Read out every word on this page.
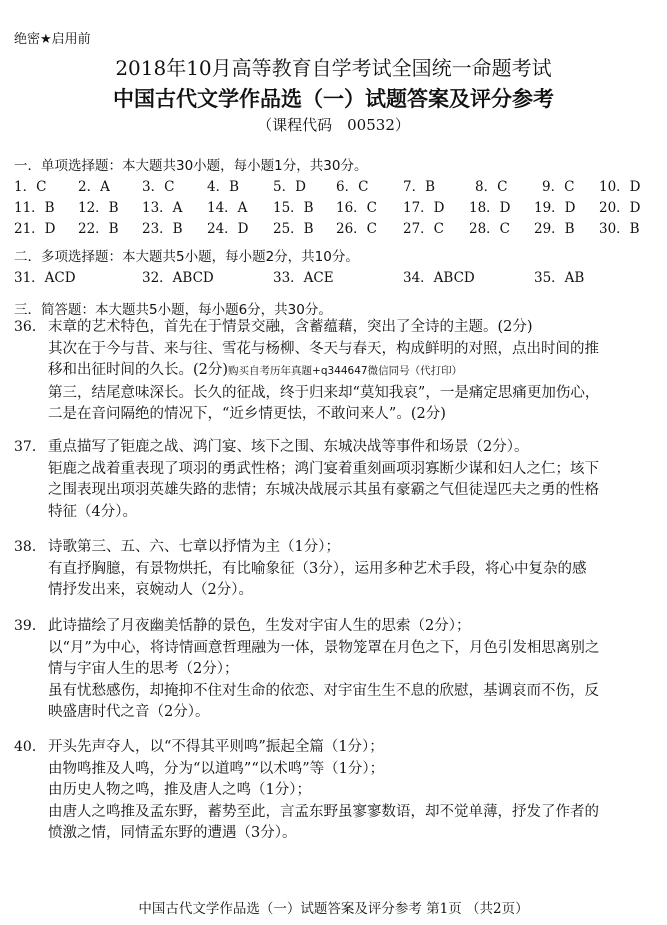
绝密★启用前
2018年10月高等教育自学考试全国统一命题考试
中国古代文学作品选（一）试题答案及评分参考
（课程代码　00532）
一．单项选择题：本大题共30小题，每小题1分，共30分。
1．C 2．A 3．C 4．B	5．D 6．C	7．B	8．C	9．C 10．D
11．B 12．B 13．A 14．A 15．B 16．C 17．D 18．D 19．D 20．D
21．D 22．B 23．B 24．D 25．B 26．C 27．C 28．C 29．B 30．B
二．多项选择题：本大题共5小题，每小题2分，共10分。
31．ACD	32．ABCD	33．ACE	34．ABCD	35．AB
三．简答题：本大题共5小题，每小题6分，共30分。
36． 末章的艺术特色，首先在于情景交融，含蓄蕴藉，突出了全诗的主题。(2分)
其次在于今与昔、来与往、雪花与杨柳、冬天与春天，构成鲜明的对照，点出时间的推
移和出征时间的久长。(2分)购买自考历年真题+q344647微信同号（代打印）
第三，结尾意味深长。长久的征战，终于归来却“莫知我哀”，一是痛定思痛更加伤心，
二是在音问隔绝的情况下，“近乡情更怯，不敢问来人”。(2分)
37． 重点描写了钜鹿之战、鸿门宴、垓下之围、东城决战等事件和场景（2分）。
钜鹿之战着重表现了项羽的勇武性格；鸿门宴着重刻画项羽寡断少谋和妇人之仁；垓下
之围表现出项羽英雄失路的悲情；东城决战展示其虽有豪霸之气但徒逞匹夫之勇的性格
特征（4分）。
38． 诗歌第三、五、六、七章以抒情为主（1分）；
有直抒胸臆，有景物烘托，有比喻象征（3分），运用多种艺术手段，将心中复杂的感
情抒发出来，哀婉动人（2分）。
39． 此诗描绘了月夜幽美恬静的景色，生发对宇宙人生的思索（2分）；
以“月”为中心，将诗情画意哲理融为一体，景物笼罩在月色之下，月色引发相思离别之
情与宇宙人生的思考（2分）；
虽有忧愁感伤，却掩抑不住对生命的依恋、对宇宙生生不息的欣慰，基调哀而不伤，反
映盛唐时代之音（2分）。
40． 开头先声夺人，以“不得其平则鸣”振起全篇（1分）；
由物鸣推及人鸣，分为“以道鸣”“以术鸣”等（1分）；
由历史人物之鸣，推及唐人之鸣（1分）；
由唐人之鸣推及孟东野，蓄势至此，言孟东野虽寥寥数语，却不觉单薄，抒发了作者的
愤激之情，同情孟东野的遭遇（3分）。
中国古代文学作品选（一）试题答案及评分参考 第1页 （共2页）
